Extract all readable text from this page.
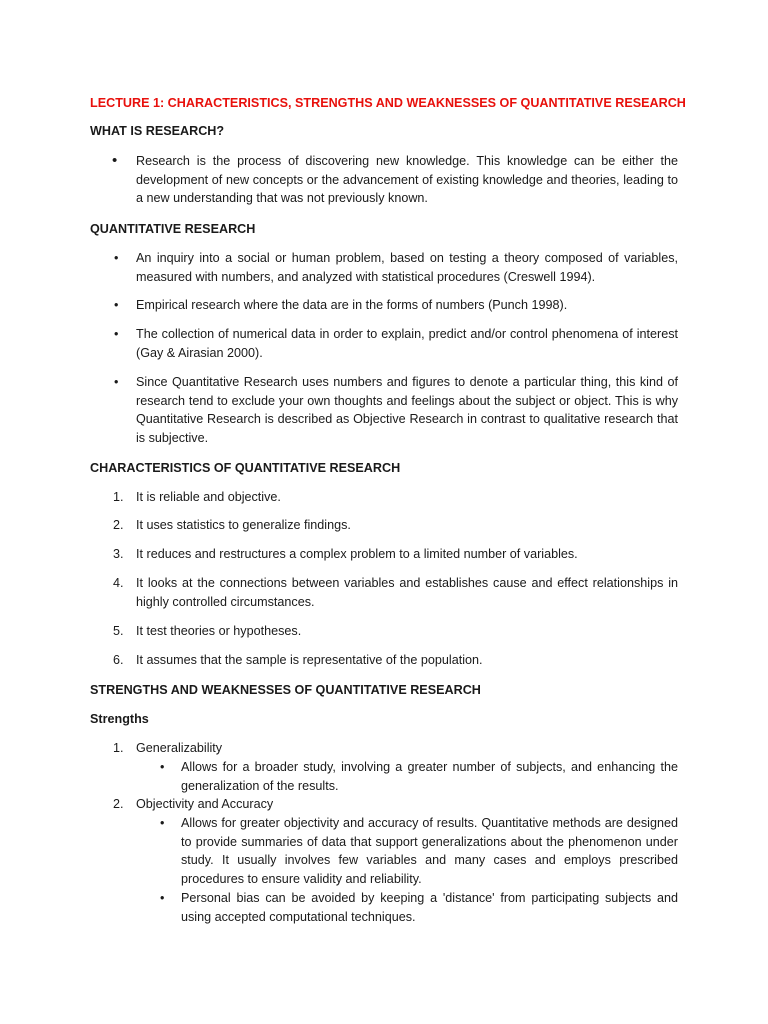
LECTURE 1: CHARACTERISTICS, STRENGTHS AND WEAKNESSES OF QUANTITATIVE RESEARCH
WHAT IS RESEARCH?
•	Research is the process of discovering new knowledge. This knowledge can be either the development of new concepts or the advancement of existing knowledge and theories, leading to a new understanding that was not previously known.
QUANTITATIVE RESEARCH
•	An inquiry into a social or human problem, based on testing a theory composed of variables, measured with numbers, and analyzed with statistical procedures (Creswell 1994).
•	Empirical research where the data are in the forms of numbers (Punch 1998).
•	The collection of numerical data in order to explain, predict and/or control phenomena of interest (Gay & Airasian 2000).
•	Since Quantitative Research uses numbers and figures to denote a particular thing, this kind of research tend to exclude your own thoughts and feelings about the subject or object. This is why Quantitative Research is described as Objective Research in contrast to qualitative research that is subjective.
CHARACTERISTICS OF QUANTITATIVE RESEARCH
1. It is reliable and objective.
2. It uses statistics to generalize findings.
3. It reduces and restructures a complex problem to a limited number of variables.
4. It looks at the connections between variables and establishes cause and effect relationships in highly controlled circumstances.
5. It test theories or hypotheses.
6. It assumes that the sample is representative of the population.
STRENGTHS AND WEAKNESSES OF QUANTITATIVE RESEARCH
Strengths
1. Generalizability
• Allows for a broader study, involving a greater number of subjects, and enhancing the generalization of the results.
2. Objectivity and Accuracy
• Allows for greater objectivity and accuracy of results. Quantitative methods are designed to provide summaries of data that support generalizations about the phenomenon under study. It usually involves few variables and many cases and employs prescribed procedures to ensure validity and reliability.
• Personal bias can be avoided by keeping a 'distance' from participating subjects and using accepted computational techniques.
